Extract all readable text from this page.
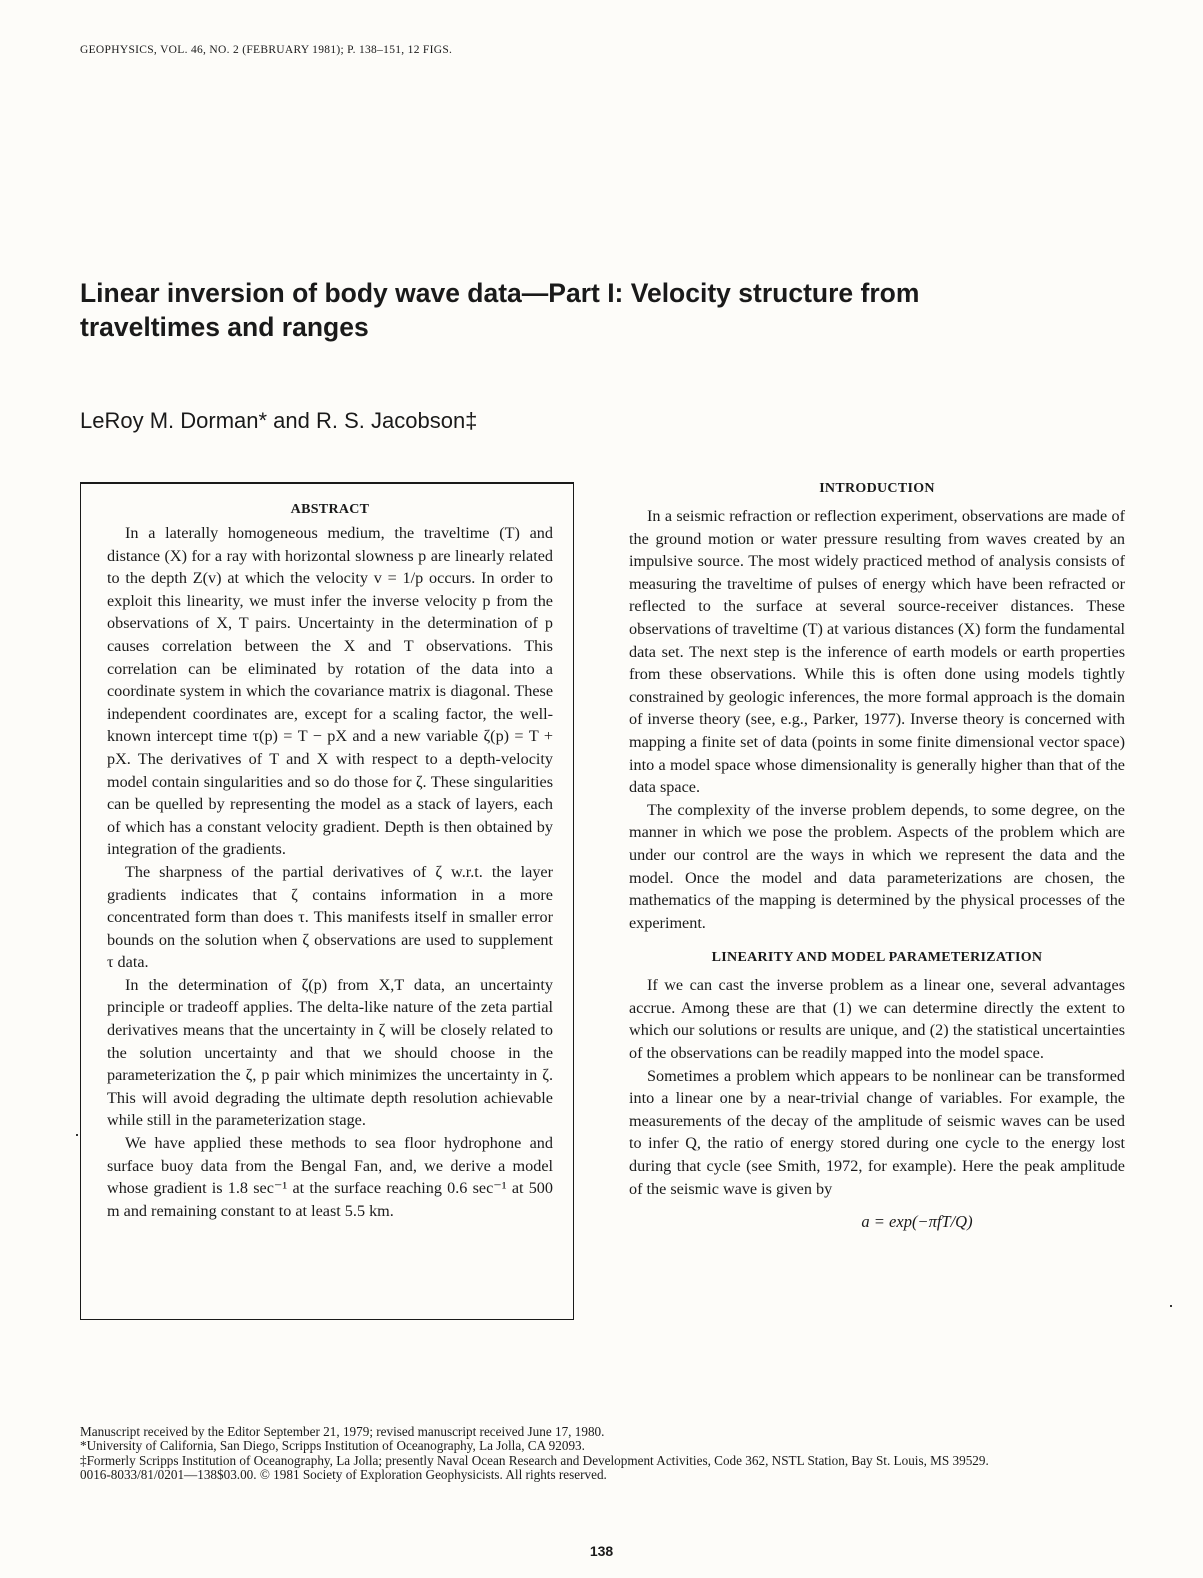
GEOPHYSICS, VOL. 46, NO. 2 (FEBRUARY 1981); P. 138–151, 12 FIGS.
Linear inversion of body wave data—Part I: Velocity structure from traveltimes and ranges
LeRoy M. Dorman* and R. S. Jacobson‡
ABSTRACT

In a laterally homogeneous medium, the traveltime (T) and distance (X) for a ray with horizontal slowness p are linearly related to the depth Z(v) at which the velocity v = 1/p occurs. In order to exploit this linearity, we must infer the inverse velocity p from the observations of X, T pairs. Uncertainty in the determination of p causes correlation between the X and T observations. This correlation can be eliminated by rotation of the data into a coordinate system in which the covariance matrix is diagonal. These independent coordinates are, except for a scaling factor, the well-known intercept time τ(p) = T − pX and a new variable ζ(p) = T + pX. The derivatives of T and X with respect to a depth-velocity model contain singularities and so do those for ζ. These singularities can be quelled by representing the model as a stack of layers, each of which has a constant velocity gradient. Depth is then obtained by integration of the gradients.

The sharpness of the partial derivatives of ζ w.r.t. the layer gradients indicates that ζ contains information in a more concentrated form than does τ. This manifests itself in smaller error bounds on the solution when ζ observations are used to supplement τ data.

In the determination of ζ(p) from X,T data, an uncertainty principle or tradeoff applies. The delta-like nature of the zeta partial derivatives means that the uncertainty in ζ will be closely related to the solution uncertainty and that we should choose in the parameterization the ζ, p pair which minimizes the uncertainty in ζ. This will avoid degrading the ultimate depth resolution achievable while still in the parameterization stage.

We have applied these methods to sea floor hydrophone and surface buoy data from the Bengal Fan, and, we derive a model whose gradient is 1.8 sec⁻¹ at the surface reaching 0.6 sec⁻¹ at 500 m and remaining constant to at least 5.5 km.

INTRODUCTION

In a seismic refraction or reflection experiment, observations are made of the ground motion or water pressure resulting from waves created by an impulsive source. The most widely practiced method of analysis consists of measuring the traveltime of pulses of energy which have been refracted or reflected to the surface at several source-receiver distances. These observations of traveltime (T) at various distances (X) form the fundamental data set. The next step is the inference of earth models or earth properties from these observations. While this is often done using models tightly constrained by geologic inferences, the more formal approach is the domain of inverse theory (see, e.g., Parker, 1977). Inverse theory is concerned with mapping a finite set of data (points in some finite dimensional vector space) into a model space whose dimensionality is generally higher than that of the data space.

The complexity of the inverse problem depends, to some degree, on the manner in which we pose the problem. Aspects of the problem which are under our control are the ways in which we represent the data and the model. Once the model and data parameterizations are chosen, the mathematics of the mapping is determined by the physical processes of the experiment.

LINEARITY AND MODEL PARAMETERIZATION

If we can cast the inverse problem as a linear one, several advantages accrue. Among these are that (1) we can determine directly the extent to which our solutions or results are unique, and (2) the statistical uncertainties of the observations can be readily mapped into the model space.

Sometimes a problem which appears to be nonlinear can be transformed into a linear one by a near-trivial change of variables. For example, the measurements of the decay of the amplitude of seismic waves can be used to infer Q, the ratio of energy stored during one cycle to the energy lost during that cycle (see Smith, 1972, for example). Here the peak amplitude of the seismic wave is given by

a = exp(−πfT/Q)
Manuscript received by the Editor September 21, 1979; revised manuscript received June 17, 1980.
*University of California, San Diego, Scripps Institution of Oceanography, La Jolla, CA 92093.
‡Formerly Scripps Institution of Oceanography, La Jolla; presently Naval Ocean Research and Development Activities, Code 362, NSTL Station, Bay St. Louis, MS 39529.
0016-8033/81/0201—138$03.00. © 1981 Society of Exploration Geophysicists. All rights reserved.
138
